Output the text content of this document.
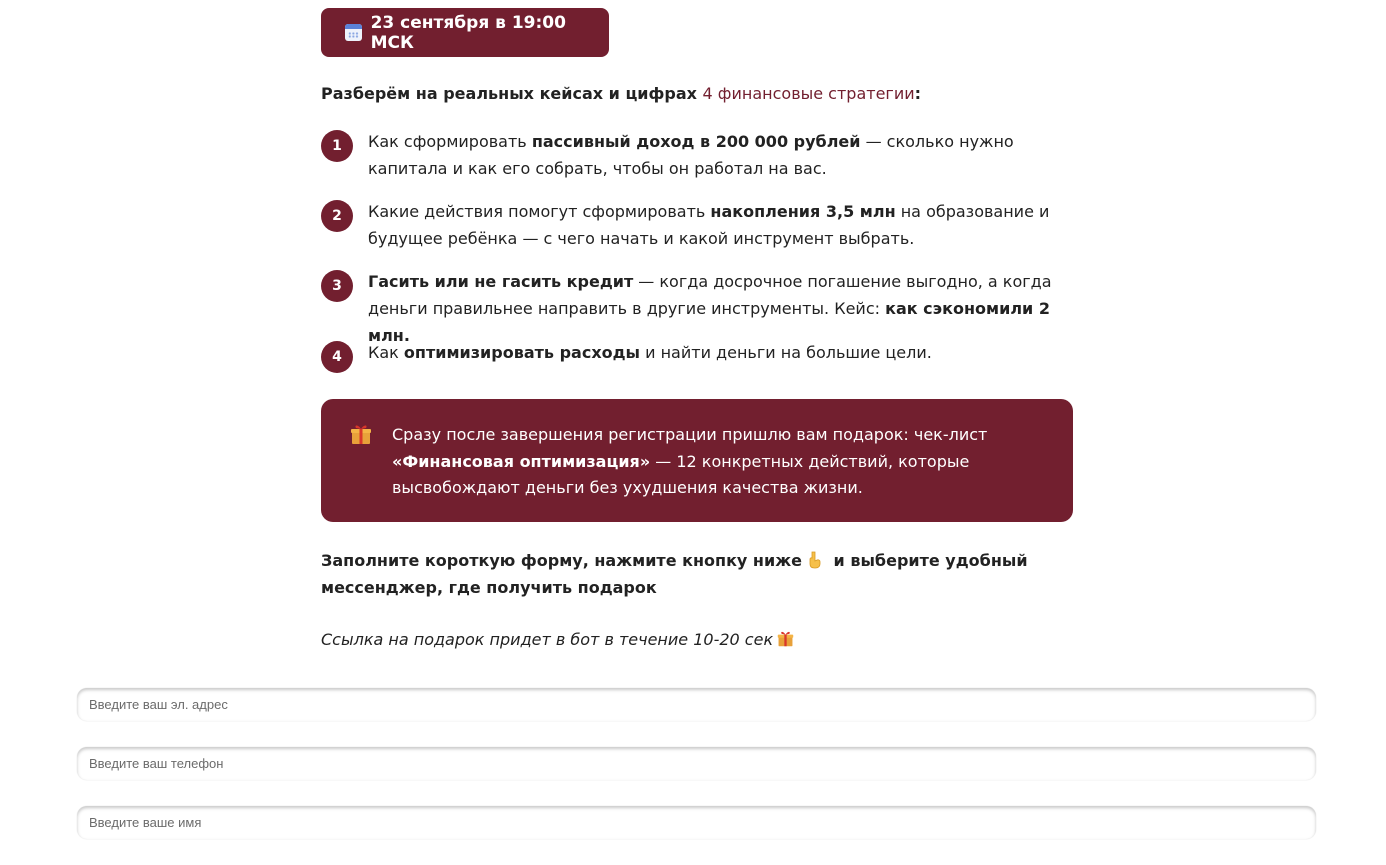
23 сентября в 19:00 МСК
Разберём на реальных кейсах и цифрах 4 финансовые стратегии:
1	Как сформировать пассивный доход в 200 000 рублей — сколько нужно капитала и как его собрать, чтобы он работал на вас.
2	Какие действия помогут сформировать накопления 3,5 млн на образование и будущее ребёнка — с чего начать и какой инструмент выбрать.
3	Гасить или не гасить кредит — когда досрочное погашение выгодно, а когда деньги правильнее направить в другие инструменты. Кейс: как сэкономили 2 млн.
4	Как оптимизировать расходы и найти деньги на большие цели.
Сразу после завершения регистрации пришлю вам подарок: чек-лист «Финансовая оптимизация» — 12 конкретных действий, которые высвобождают деньги без ухудшения качества жизни.
Заполните короткую форму, нажмите кнопку ниже и выберите удобный мессенджер, где получить подарок
Ссылка на подарок придет в бот в течение 10-20 сек
Введите ваш эл. адрес
Введите ваш телефон
Введите ваше имя
